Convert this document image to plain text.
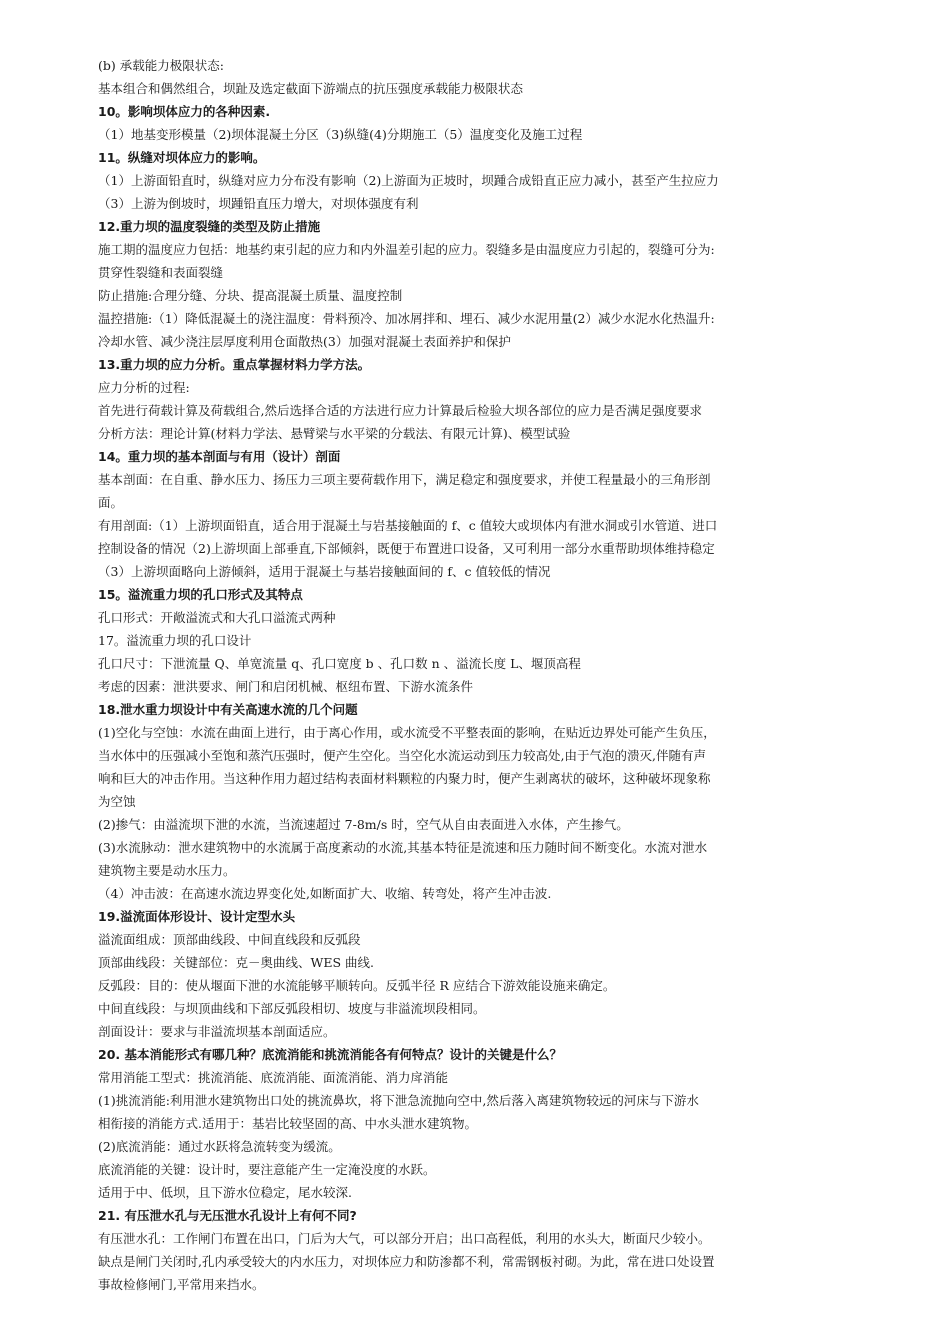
(b) 承载能力极限状态:
基本组合和偶然组合，坝趾及选定截面下游端点的抗压强度承载能力极限状态
10。影响坝体应力的各种因素.
（1）地基变形模量（2)坝体混凝土分区（3)纵缝(4)分期施工（5）温度变化及施工过程
11。纵缝对坝体应力的影响。
（1）上游面铅直时，纵缝对应力分布没有影响（2)上游面为正坡时，坝踵合成铅直正应力减小，甚至产生拉应力
（3）上游为倒坡时，坝踵铅直压力增大，对坝体强度有利
12.重力坝的温度裂缝的类型及防止措施
施工期的温度应力包括：地基约束引起的应力和内外温差引起的应力。裂缝多是由温度应力引起的，裂缝可分为:
贯穿性裂缝和表面裂缝
防止措施:合理分缝、分块、提高混凝土质量、温度控制
温控措施:（1）降低混凝土的浇注温度：骨料预冷、加冰屑拌和、埋石、减少水泥用量(2）减少水泥水化热温升:
冷却水管、减少浇注层厚度利用仓面散热(3）加强对混凝土表面养护和保护
13.重力坝的应力分析。重点掌握材料力学方法。
应力分析的过程:
首先进行荷载计算及荷载组合,然后选择合适的方法进行应力计算最后检验大坝各部位的应力是否满足强度要求
分析方法：理论计算(材料力学法、悬臂梁与水平梁的分载法、有限元计算)、模型试验
14。重力坝的基本剖面与有用（设计）剖面
基本剖面：在自重、静水压力、扬压力三项主要荷载作用下，满足稳定和强度要求，并使工程量最小的三角形剖
面。
有用剖面:（1）上游坝面铅直，适合用于混凝土与岩基接触面的 f、c 值较大或坝体内有泄水洞或引水管道、进口
控制设备的情况（2)上游坝面上部垂直,下部倾斜，既便于布置进口设备，又可利用一部分水重帮助坝体维持稳定
（3）上游坝面略向上游倾斜，适用于混凝土与基岩接触面间的 f、c 值较低的情况
15。溢流重力坝的孔口形式及其特点
孔口形式：开敞溢流式和大孔口溢流式两种
17。溢流重力坝的孔口设计
孔口尺寸：下泄流量 Q、单宽流量 q、孔口宽度 b 、孔口数 n 、溢流长度 L、堰顶高程
考虑的因素：泄洪要求、闸门和启闭机械、枢纽布置、下游水流条件
18.泄水重力坝设计中有关高速水流的几个问题
(1)空化与空蚀：水流在曲面上进行，由于离心作用，或水流受不平整表面的影响，在贴近边界处可能产生负压，
当水体中的压强减小至饱和蒸汽压强时，便产生空化。当空化水流运动到压力较高处,由于气泡的溃灭,伴随有声
响和巨大的冲击作用。当这种作用力超过结构表面材料颗粒的内聚力时，便产生剥离状的破坏，这种破坏现象称
为空蚀
(2)掺气：由溢流坝下泄的水流，当流速超过 7-8m/s 时，空气从自由表面进入水体，产生掺气。
(3)水流脉动：泄水建筑物中的水流属于高度紊动的水流,其基本特征是流速和压力随时间不断变化。水流对泄水
建筑物主要是动水压力。
（4）冲击波：在高速水流边界变化处,如断面扩大、收缩、转弯处，将产生冲击波.
19.溢流面体形设计、设计定型水头
溢流面组成：顶部曲线段、中间直线段和反弧段
顶部曲线段：关键部位：克－奥曲线、WES 曲线.
反弧段：目的：使从堰面下泄的水流能够平顺转向。反弧半径 R 应结合下游效能设施来确定。
中间直线段：与坝顶曲线和下部反弧段相切、坡度与非溢流坝段相同。
剖面设计：要求与非溢流坝基本剖面适应。
20. 基本消能形式有哪几种？底流消能和挑流消能各有何特点？设计的关键是什么？
常用消能工型式：挑流消能、底流消能、面流消能、消力戽消能
(1)挑流消能:利用泄水建筑物出口处的挑流鼻坎，将下泄急流抛向空中,然后落入离建筑物较远的河床与下游水
相衔接的消能方式.适用于：基岩比较坚固的高、中水头泄水建筑物。
(2)底流消能：通过水跃将急流转变为缓流。
底流消能的关键：设计时，要注意能产生一定淹没度的水跃。
适用于中、低坝，且下游水位稳定，尾水较深.
21. 有压泄水孔与无压泄水孔设计上有何不同?
有压泄水孔：工作闸门布置在出口，门后为大气，可以部分开启；出口高程低，利用的水头大，断面尺少较小。
缺点是闸门关闭时,孔内承受较大的内水压力，对坝体应力和防渗都不利，常需钢板衬砌。为此，常在进口处设置
事故检修闸门,平常用来挡水。
